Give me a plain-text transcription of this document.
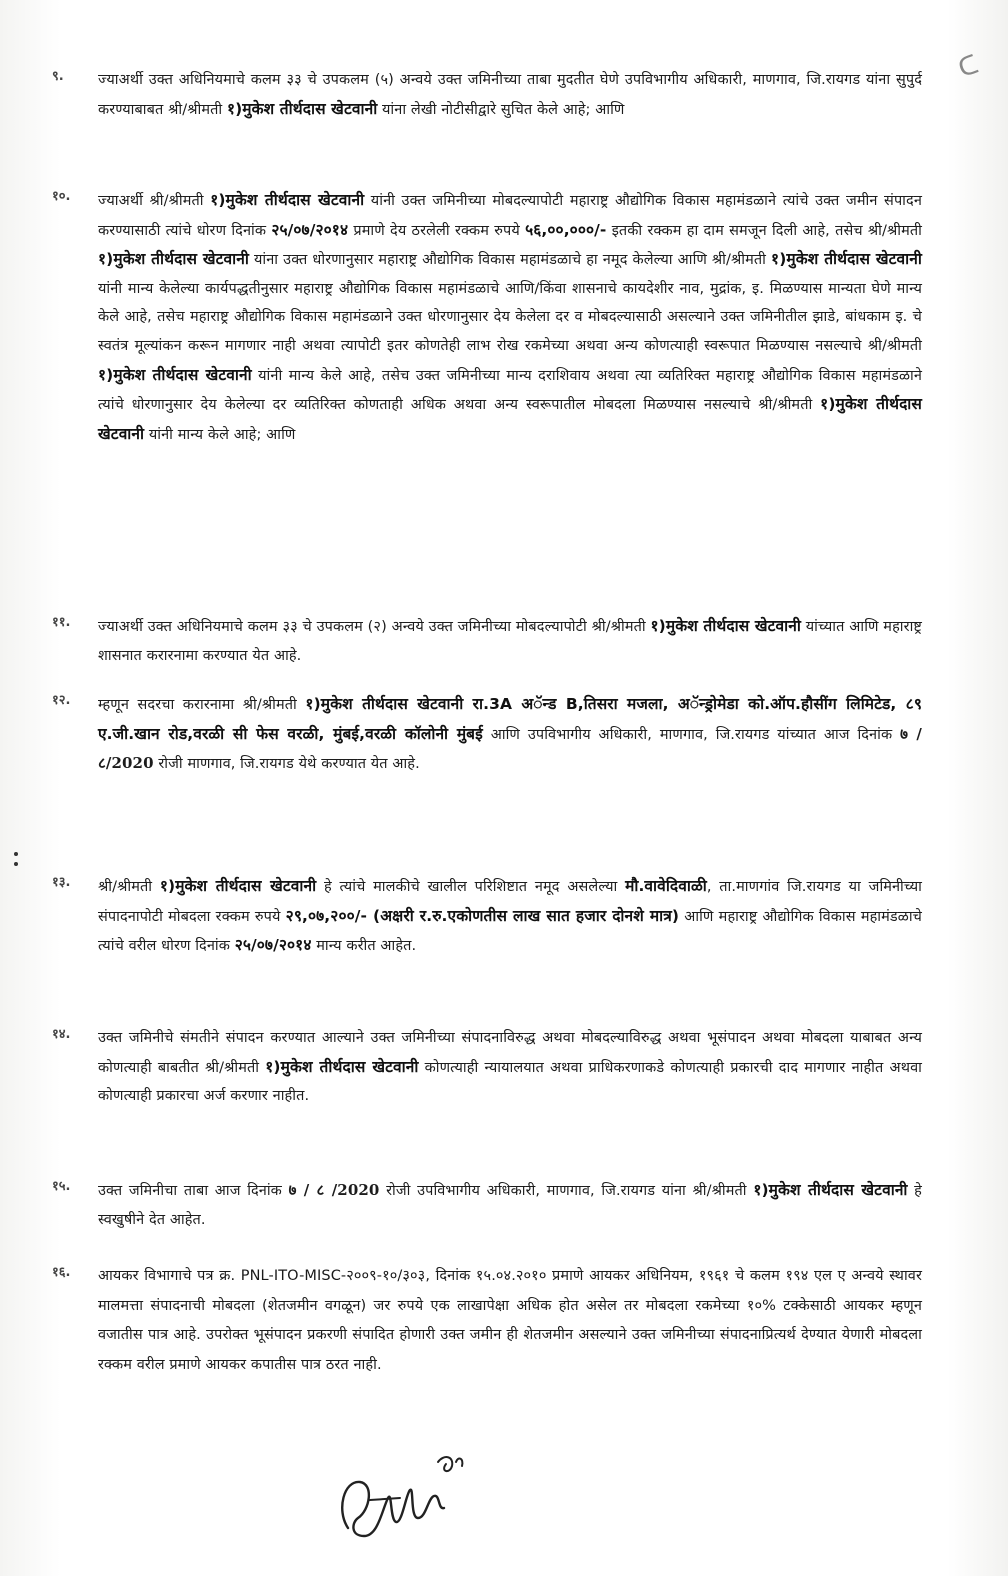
ᑕ
९. ज्याअर्थी उक्त अधिनियमाचे कलम ३३ चे उपकलम (५) अन्वये उक्त जमिनीच्या ताबा मुदतीत घेणे उपविभागीय अधिकारी, माणगाव, जि.रायगड यांना सुपुर्द करण्याबाबत श्री/श्रीमती १)मुकेश तीर्थदास खेटवानी यांना लेखी नोटीसीद्वारे सुचित केले आहे; आणि
१०. ज्याअर्थी श्री/श्रीमती १)मुकेश तीर्थदास खेटवानी यांनी उक्त जमिनीच्या मोबदल्यापोटी महाराष्ट्र औद्योगिक विकास महामंडळाने त्यांचे उक्त जमीन संपादन करण्यासाठी त्यांचे धोरण दिनांक २५/०७/२०१४ प्रमाणे देय ठरलेली रक्कम रुपये ५६,००,०००/- इतकी रक्कम हा दाम समजून दिली आहे, तसेच श्री/श्रीमती १)मुकेश तीर्थदास खेटवानी यांना उक्त धोरणानुसार महाराष्ट्र औद्योगिक विकास महामंडळाचे हा नमूद केलेल्या आणि श्री/श्रीमती १)मुकेश तीर्थदास खेटवानी यांनी मान्य केलेल्या कार्यपद्धतीनुसार महाराष्ट्र औद्योगिक विकास महामंडळाचे आणि/किंवा शासनाचे कायदेशीर नाव, मुद्रांक, इ. मिळण्यास मान्यता घेणे मान्य केले आहे, तसेच महाराष्ट्र औद्योगिक विकास महामंडळाने उक्त धोरणानुसार देय केलेला दर व मोबदल्यासाठी असल्याने उक्त जमिनीतील झाडे, बांधकाम इ. चे स्वतंत्र मूल्यांकन करून मागणार नाही अथवा त्यापोटी इतर कोणतेही लाभ रोख रकमेच्या अथवा अन्य कोणत्याही स्वरूपात मिळण्यास नसल्याचे श्री/श्रीमती १)मुकेश तीर्थदास खेटवानी यांनी मान्य केले आहे, तसेच उक्त जमिनीच्या मान्य दराशिवाय अथवा त्या व्यतिरिक्त महाराष्ट्र औद्योगिक विकास महामंडळाने त्यांचे धोरणानुसार देय केलेल्या दर व्यतिरिक्त कोणताही अधिक अथवा अन्य स्वरूपातील मोबदला मिळण्यास नसल्याचे श्री/श्रीमती १)मुकेश तीर्थदास खेटवानी यांनी मान्य केले आहे; आणि
११. ज्याअर्थी उक्त अधिनियमाचे कलम ३३ चे उपकलम (२) अन्वये उक्त जमिनीच्या मोबदल्यापोटी श्री/श्रीमती १)मुकेश तीर्थदास खेटवानी यांच्यात आणि महाराष्ट्र शासनात करारनामा करण्यात येत आहे.
१२. म्हणून सदरचा करारनामा श्री/श्रीमती १)मुकेश तीर्थदास खेटवानी रा.3A अॅन्ड B,तिसरा मजला, अॅन्ड्रोमेडा को.ऑप.हौसींग लिमिटेड, ८९ ए.जी.खान रोड,वरळी सी फेस वरळी, मुंबई,वरळी कॉलोनी मुंबई आणि उपविभागीय अधिकारी, माणगाव, जि.रायगड यांच्यात आज दिनांक ७ /८/2020 रोजी माणगाव, जि.रायगड येथे करण्यात येत आहे.
१३. श्री/श्रीमती १)मुकेश तीर्थदास खेटवानी हे त्यांचे मालकीचे खालील परिशिष्टात नमूद असलेल्या मौ.वावेदिवाळी, ता.माणगांव जि.रायगड या जमिनीच्या संपादनापोटी मोबदला रक्कम रुपये २९,०७,२००/- (अक्षरी र.रु.एकोणतीस लाख सात हजार दोनशे मात्र) आणि महाराष्ट्र औद्योगिक विकास महामंडळाचे त्यांचे वरील धोरण दिनांक २५/०७/२०१४ मान्य करीत आहेत.
१४. उक्त जमिनीचे संमतीने संपादन करण्यात आल्याने उक्त जमिनीच्या संपादनाविरुद्ध अथवा मोबदल्याविरुद्ध अथवा भूसंपादन अथवा मोबदला याबाबत अन्य कोणत्याही बाबतीत श्री/श्रीमती १)मुकेश तीर्थदास खेटवानी कोणत्याही न्यायालयात अथवा प्राधिकरणाकडे कोणत्याही प्रकारची दाद मागणार नाहीत अथवा कोणत्याही प्रकारचा अर्ज करणार नाहीत.
१५. उक्त जमिनीचा ताबा आज दिनांक ७ / ८ /2020 रोजी उपविभागीय अधिकारी, माणगाव, जि.रायगड यांना श्री/श्रीमती १)मुकेश तीर्थदास खेटवानी हे स्वखुषीने देत आहेत.
१६. आयकर विभागाचे पत्र क्र. PNL-ITO-MISC-२००९-१०/३०३, दिनांक १५.०४.२०१० प्रमाणे आयकर अधिनियम, १९६१ चे कलम १९४ एल ए अन्वये स्थावर मालमत्ता संपादनाची मोबदला (शेतजमीन वगळून) जर रुपये एक लाखापेक्षा अधिक होत असेल तर मोबदला रकमेच्या १०% टक्केसाठी आयकर म्हणून वजातीस पात्र आहे. उपरोक्त भूसंपादन प्रकरणी संपादित होणारी उक्त जमीन ही शेतजमीन असल्याने उक्त जमिनीच्या संपादनाप्रित्यर्थ देण्यात येणारी मोबदला रक्कम वरील प्रमाणे आयकर कपातीस पात्र ठरत नाही.
